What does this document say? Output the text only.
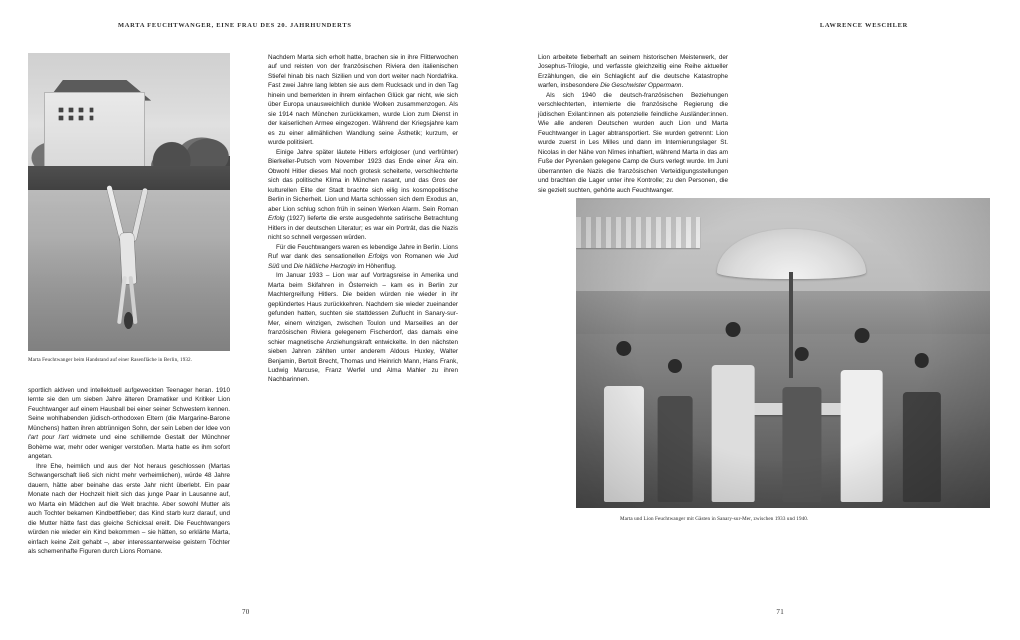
MARTA FEUCHTWANGER, EINE FRAU DES 20. JAHRHUNDERTS
Marta Feuchtwanger beim Handstand auf einer Rasenfläche in Berlin, 1932.

sportlich aktiven und intellektuell aufgeweckten Teenager heran. 1910 lernte sie den um sieben Jahre älteren Dramatiker und Kritiker Lion Feuchtwanger auf einem Hausball bei einer seiner Schwestern kennen. Seine wohlhabenden jüdisch-orthodoxen Eltern (die Margarine-Barone Münchens) hatten ihren abtrünnigen Sohn, der sein Leben der Idee von l'art pour l'art widmete und eine schillernde Gestalt der Münchner Bohème war, mehr oder weniger verstoßen. Marta hatte es ihm sofort angetan.

Ihre Ehe, heimlich und aus der Not heraus geschlossen (Martas Schwangerschaft ließ sich nicht mehr verheimlichen), würde 48 Jahre dauern, hätte aber beinahe das erste Jahr nicht überlebt. Ein paar Monate nach der Hochzeit hielt sich das junge Paar in Lausanne auf, wo Marta ein Mädchen auf die Welt brachte. Aber sowohl Mutter als auch Tochter bekamen Kindbettfieber; das Kind starb kurz darauf, und die Mutter hätte fast das gleiche Schicksal ereilt. Die Feuchtwangers würden nie wieder ein Kind bekommen – sie hätten, so erklärte Marta, einfach keine Zeit gehabt –, aber interessanterweise geistern Töchter als schemenhafte Figuren durch Lions Romane.

Nachdem Marta sich erholt hatte, brachen sie in ihre Flitterwochen auf und reisten von der französischen Riviera den italienischen Stiefel hinab bis nach Sizilien und von dort weiter nach Nordafrika. Fast zwei Jahre lang lebten sie aus dem Rucksack und in den Tag hinein und bemerkten in ihrem einfachen Glück gar nicht, wie sich über Europa unausweichlich dunkle Wolken zusammenzogen. Als sie 1914 nach München zurückkamen, wurde Lion zum Dienst in der kaiserlichen Armee eingezogen. Während der Kriegsjahre kam es zu einer allmählichen Wandlung seine Ästhetik; kurzum, er wurde politisiert.

Einige Jahre später läutete Hitlers erfolgloser (und verfrühter) Bierkeller-Putsch vom November 1923 das Ende einer Ära ein. Obwohl Hitler dieses Mal noch grotesk scheiterte, verschlechterte sich das politische Klima in München rasant, und das Gros der kulturellen Elite der Stadt brachte sich eilig ins kosmopolitische Berlin in Sicherheit. Lion und Marta schlossen sich dem Exodus an, aber Lion schlug schon früh in seinen Werken Alarm. Sein Roman Erfolg (1927) lieferte die erste ausgedehnte satirische Betrachtung Hitlers in der deutschen Literatur; es war ein Porträt, das die Nazis nicht so schnell vergessen würden.

Für die Feuchtwangers waren es lebendige Jahre in Berlin. Lions Ruf war dank des sensationellen Erfolgs von Romanen wie Jud Süß und Die häßliche Herzogin im Höhenflug.

Im Januar 1933 – Lion war auf Vortragsreise in Amerika und Marta beim Skifahren in Österreich – kam es in Berlin zur Machtergreifung Hitlers. Die beiden würden nie wieder in ihr geplündertes Haus zurückkehren. Nachdem sie wieder zueinander gefunden hatten, suchten sie stattdessen Zuflucht in Sanary-sur-Mer, einem winzigen, zwischen Toulon und Marseilles an der französischen Riviera gelegenem Fischerdorf, das damals eine schier magnetische Anziehungskraft entwickelte. In den nächsten sieben Jahren zählten unter anderem Aldous Huxley, Walter Benjamin, Bertolt Brecht, Thomas und Heinrich Mann, Hans Frank, Ludwig Marcuse, Franz Werfel und Alma Mahler zu ihren Nachbarinnen.

70
LAWRENCE WESCHLER

Lion arbeitete fieberhaft an seinem historischen Meisterwerk, der Josephus-Trilogie, und verfasste gleichzeitig eine Reihe aktueller Erzählungen, die ein Schlaglicht auf die deutsche Katastrophe warfen, insbesondere Die Geschwister Oppermann.

Als sich 1940 die deutsch-französischen Beziehungen verschlechterten, internierte die französische Regierung die jüdischen Exilant:innen als potenzielle feindliche Ausländer:innen. Wie alle anderen Deutschen wurden auch Lion und Marta Feuchtwanger in Lager abtransportiert. Sie wurden getrennt: Lion wurde zuerst in Les Milles und dann im Internierungslager St. Nicolas in der Nähe von Nîmes inhaftiert, während Marta in das am Fuße der Pyrenäen gelegene Camp de Gurs verlegt wurde. Im Juni überrannten die Nazis die französischen Verteidigungsstellungen und brachten die Lager unter ihre Kontrolle; zu den Personen, die sie gezielt suchten, gehörte auch Feuchtwanger.

Marta und Lion Feuchtwanger mit Gästen in Sanary-sur-Mer, zwischen 1933 und 1940.
71
